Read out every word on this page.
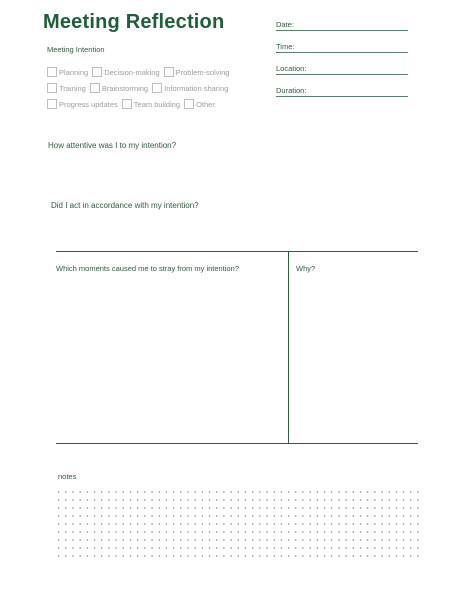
Meeting Reflection
Meeting Intention
Planning Decision-making Problem-solving
Training Brainstorming Information sharing
Progress updates Team building Other
Date:
Time:
Location:
Duration:
How attentive was I to my intention?
Did I act in accordance with my intention?
Which moments caused me to stray from my intention?	Why?
notes
